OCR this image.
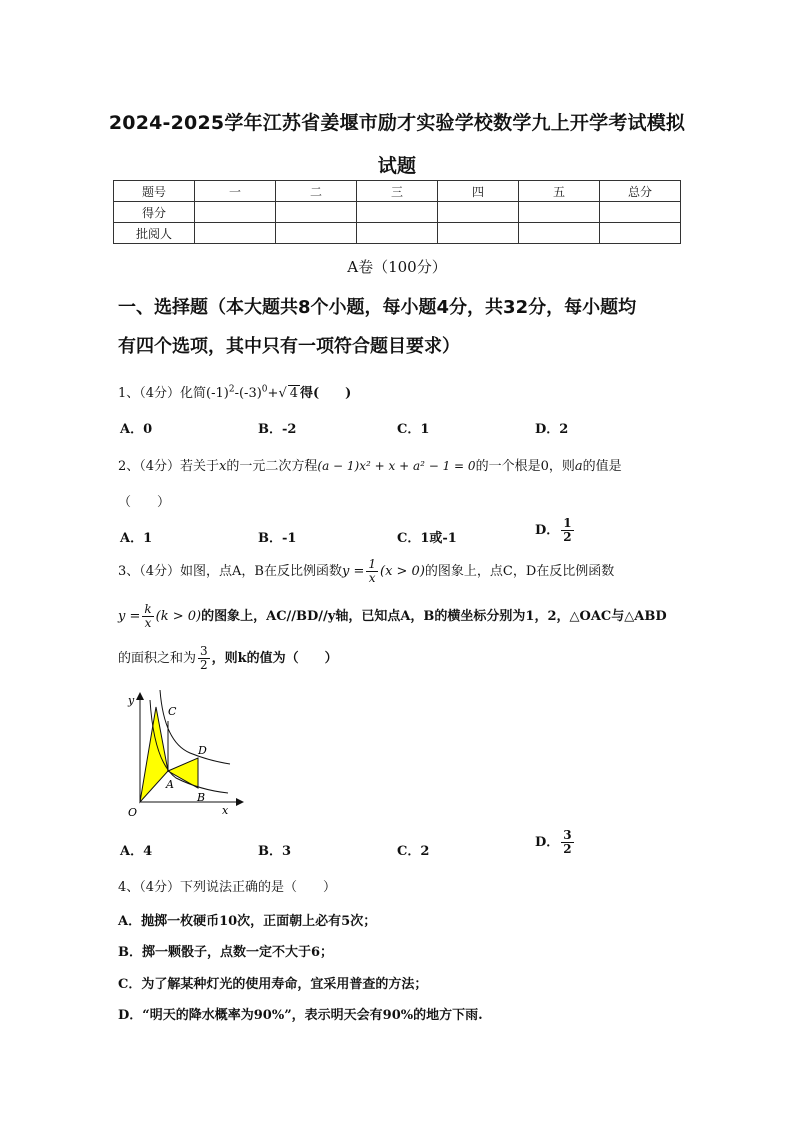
2024-2025学年江苏省姜堰市励才实验学校数学九上开学考试模拟
试题
题号	一	二	三	四	五	总分
得分						
批阅人						
A卷（100分）
一、选择题（本大题共8个小题，每小题4分，共32分，每小题均
有四个选项，其中只有一项符合题目要求）
1、（4分）化简$(-1)^2-(-3)^0+√$ 4 得(　　)
A．0	B．-2	C．1	D．2
2、（4分）若关于x的一元二次方程(a − 1)x² + x + a² − 1 = 0的一个根是0，则a的值是
（　　）
A．1	B．-1	C．1或-1
D． $\frac{1}{2}$
3、（4分）如图，点A，B在反比例函数$y = \frac{1}{x} (x > 0)$的图象上，点C，D在反比例函数
$y = \frac{k}{x} (k > 0)$的图象上，AC//BD//y轴，已知点A，B的横坐标分别为1，2，△OAC与△ABD
的面积之和为 $\frac{3}{2}$ ，则k的值为（　　）
y
x
O
C
D
A
B
A．4	B．3	C．2
D． $\frac{3}{2}$
4、（4分）下列说法正确的是（　　）
A．抛掷一枚硬币10次，正面朝上必有5次；
B．掷一颗骰子，点数一定不大于6；
C．为了解某种灯光的使用寿命，宜采用普查的方法；
D．“明天的降水概率为90%”，表示明天会有90%的地方下雨.
